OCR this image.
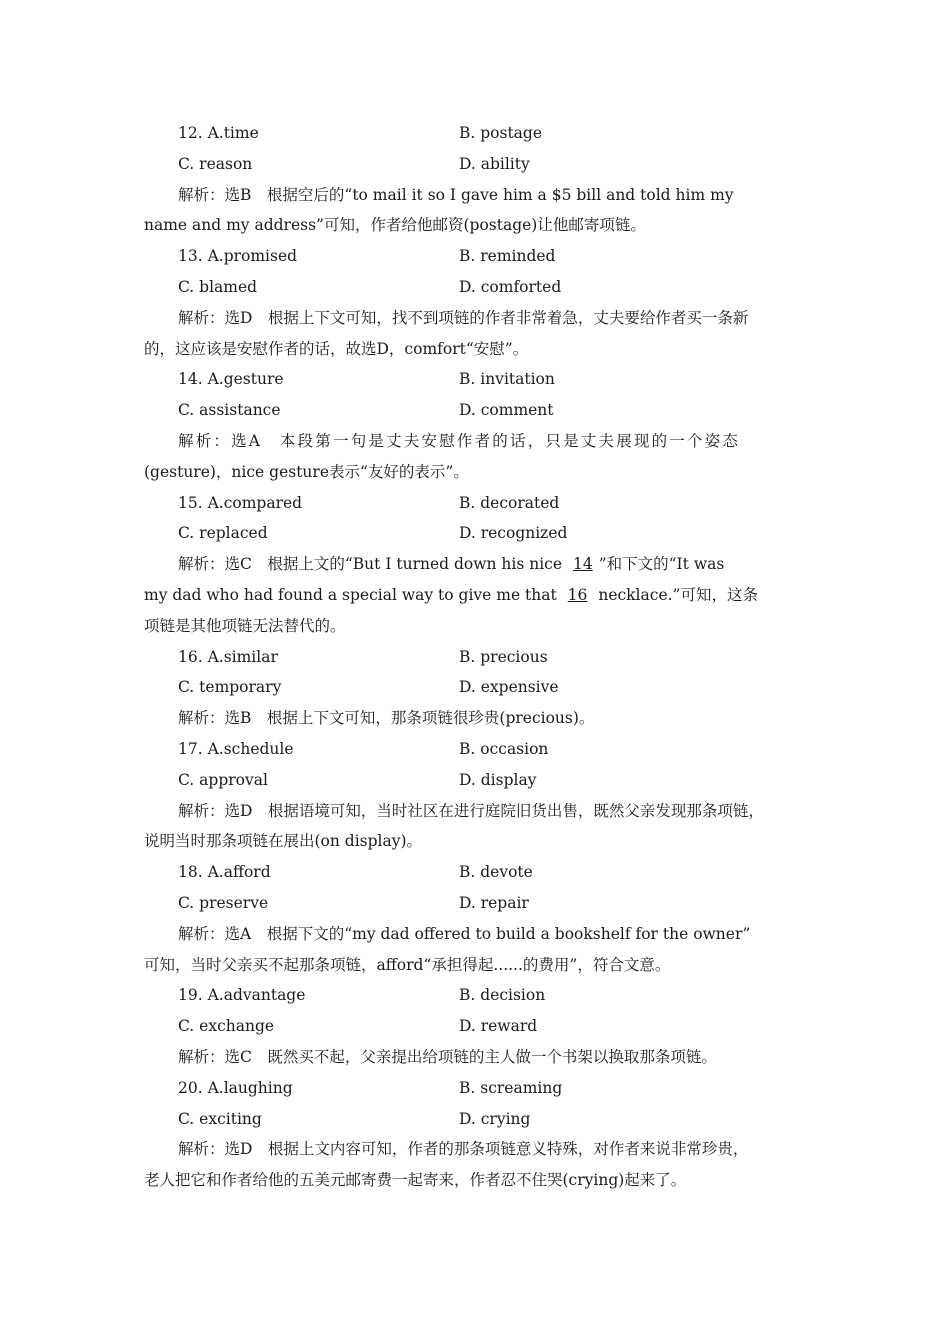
12. A.time	B. postage
C. reason	D. ability
解析：选B　根据空后的“to mail it so I gave him a $5 bill and told him my
name and my address”可知，作者给他邮资(postage)让他邮寄项链。
13. A.promised	B. reminded
C. blamed	D. comforted
解析：选D　根据上下文可知，找不到项链的作者非常着急，丈夫要给作者买一条新
的，这应该是安慰作者的话，故选D，comfort“安慰”。
14. A.gesture	B. invitation
C. assistance	D. comment
解析：选A　本段第一句是丈夫安慰作者的话，只是丈夫展现的一个姿态
(gesture)，nice gesture表示“友好的表示”。
15. A.compared	B. decorated
C. replaced	D. recognized
解析：选C　根据上文的“But I turned down his nice 14 ”和下文的“It was
my dad who had found a special way to give me that 16 necklace.”可知，这条
项链是其他项链无法替代的。
16. A.similar	B. precious
C. temporary	D. expensive
解析：选B　根据上下文可知，那条项链很珍贵(precious)。
17. A.schedule	B. occasion
C. approval	D. display
解析：选D　根据语境可知，当时社区在进行庭院旧货出售，既然父亲发现那条项链，
说明当时那条项链在展出(on display)。
18. A.afford	B. devote
C. preserve	D. repair
解析：选A　根据下文的“my dad offered to build a bookshelf for the owner”
可知，当时父亲买不起那条项链，afford“承担得起......的费用”，符合文意。
19. A.advantage	B. decision
C. exchange	D. reward
解析：选C　既然买不起，父亲提出给项链的主人做一个书架以换取那条项链。
20. A.laughing	B. screaming
C. exciting	D. crying
解析：选D　根据上文内容可知，作者的那条项链意义特殊，对作者来说非常珍贵，
老人把它和作者给他的五美元邮寄费一起寄来，作者忍不住哭(crying)起来了。
